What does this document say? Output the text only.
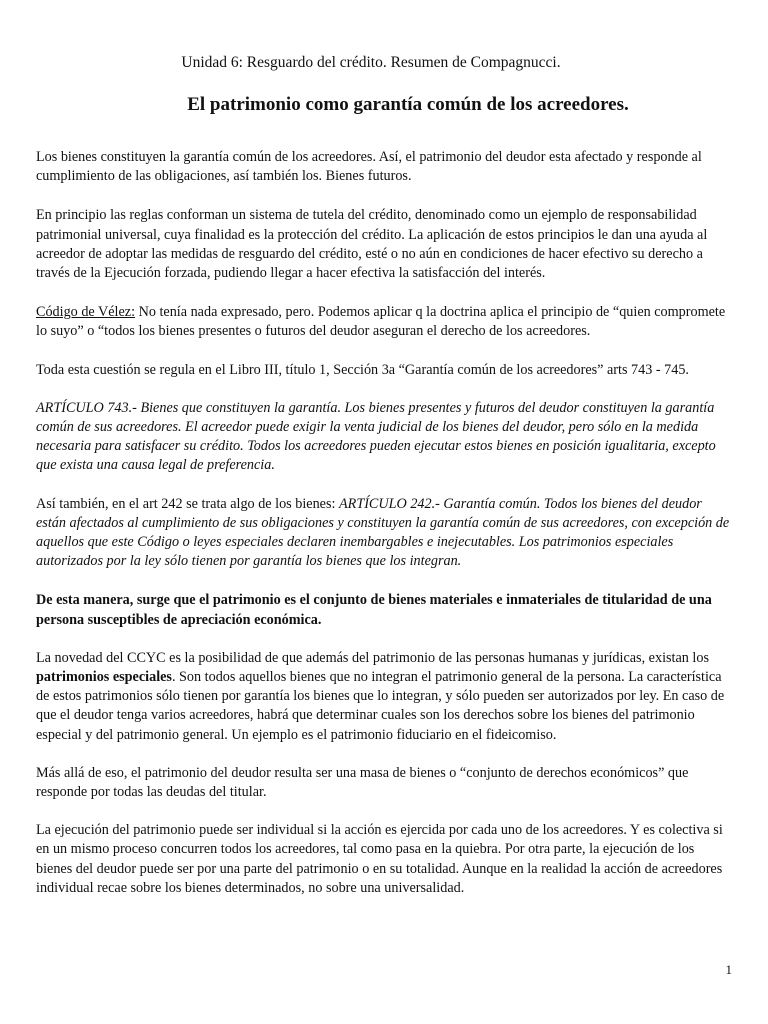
Unidad 6: Resguardo del crédito. Resumen de Compagnucci.
El patrimonio como garantía común de los acreedores.

Los bienes constituyen la garantía común de los acreedores. Así, el patrimonio del deudor esta afectado y responde al cumplimiento de las obligaciones, así también los. Bienes futuros.

En principio las reglas conforman un sistema de tutela del crédito, denominado como un ejemplo de responsabilidad patrimonial universal, cuya finalidad es la protección del crédito. La aplicación de estos principios le dan una ayuda al acreedor de adoptar las medidas de resguardo del crédito, esté o no aún en condiciones de hacer efectivo su derecho a través de la Ejecución forzada, pudiendo llegar a hacer efectiva la satisfacción del interés.

Código de Vélez: No tenía nada expresado, pero. Podemos aplicar q la doctrina aplica el principio de “quien compromete lo suyo” o “todos los bienes presentes o futuros del deudor aseguran el derecho de los acreedores.

Toda esta cuestión se regula en el Libro III, título 1, Sección 3a “Garantía común de los acreedores” arts 743 - 745.

ARTÍCULO 743.- Bienes que constituyen la garantía. Los bienes presentes y futuros del deudor constituyen la garantía común de sus acreedores. El acreedor puede exigir la venta judicial de los bienes del deudor, pero sólo en la medida necesaria para satisfacer su crédito. Todos los acreedores pueden ejecutar estos bienes en posición igualitaria, excepto que exista una causa legal de preferencia.

Así también, en el art 242 se trata algo de los bienes: ARTÍCULO 242.- Garantía común. Todos los bienes del deudor están afectados al cumplimiento de sus obligaciones y constituyen la garantía común de sus acreedores, con excepción de aquellos que este Código o leyes especiales declaren inembargables e inejecutables. Los patrimonios especiales autorizados por la ley sólo tienen por garantía los bienes que los integran.

De esta manera, surge que el patrimonio es el conjunto de bienes materiales e inmateriales de titularidad de una persona susceptibles de apreciación económica.

La novedad del CCYC es la posibilidad de que además del patrimonio de las personas humanas y jurídicas, existan los patrimonios especiales. Son todos aquellos bienes que no integran el patrimonio general de la persona. La característica de estos patrimonios sólo tienen por garantía los bienes que lo integran, y sólo pueden ser autorizados por ley. En caso de que el deudor tenga varios acreedores, habrá que determinar cuales son los derechos sobre los bienes del patrimonio especial y del patrimonio general. Un ejemplo es el patrimonio fiduciario en el fideicomiso.

Más allá de eso, el patrimonio del deudor resulta ser una masa de bienes o “conjunto de derechos económicos” que responde por todas las deudas del titular.

La ejecución del patrimonio puede ser individual si la acción es ejercida por cada uno de los acreedores. Y es colectiva si en un mismo proceso concurren todos los acreedores, tal como pasa en la quiebra. Por otra parte, la ejecución de los bienes del deudor puede ser por una parte del patrimonio o en su totalidad. Aunque en la realidad la acción de acreedores individual recae sobre los bienes determinados, no sobre una universalidad.

1
